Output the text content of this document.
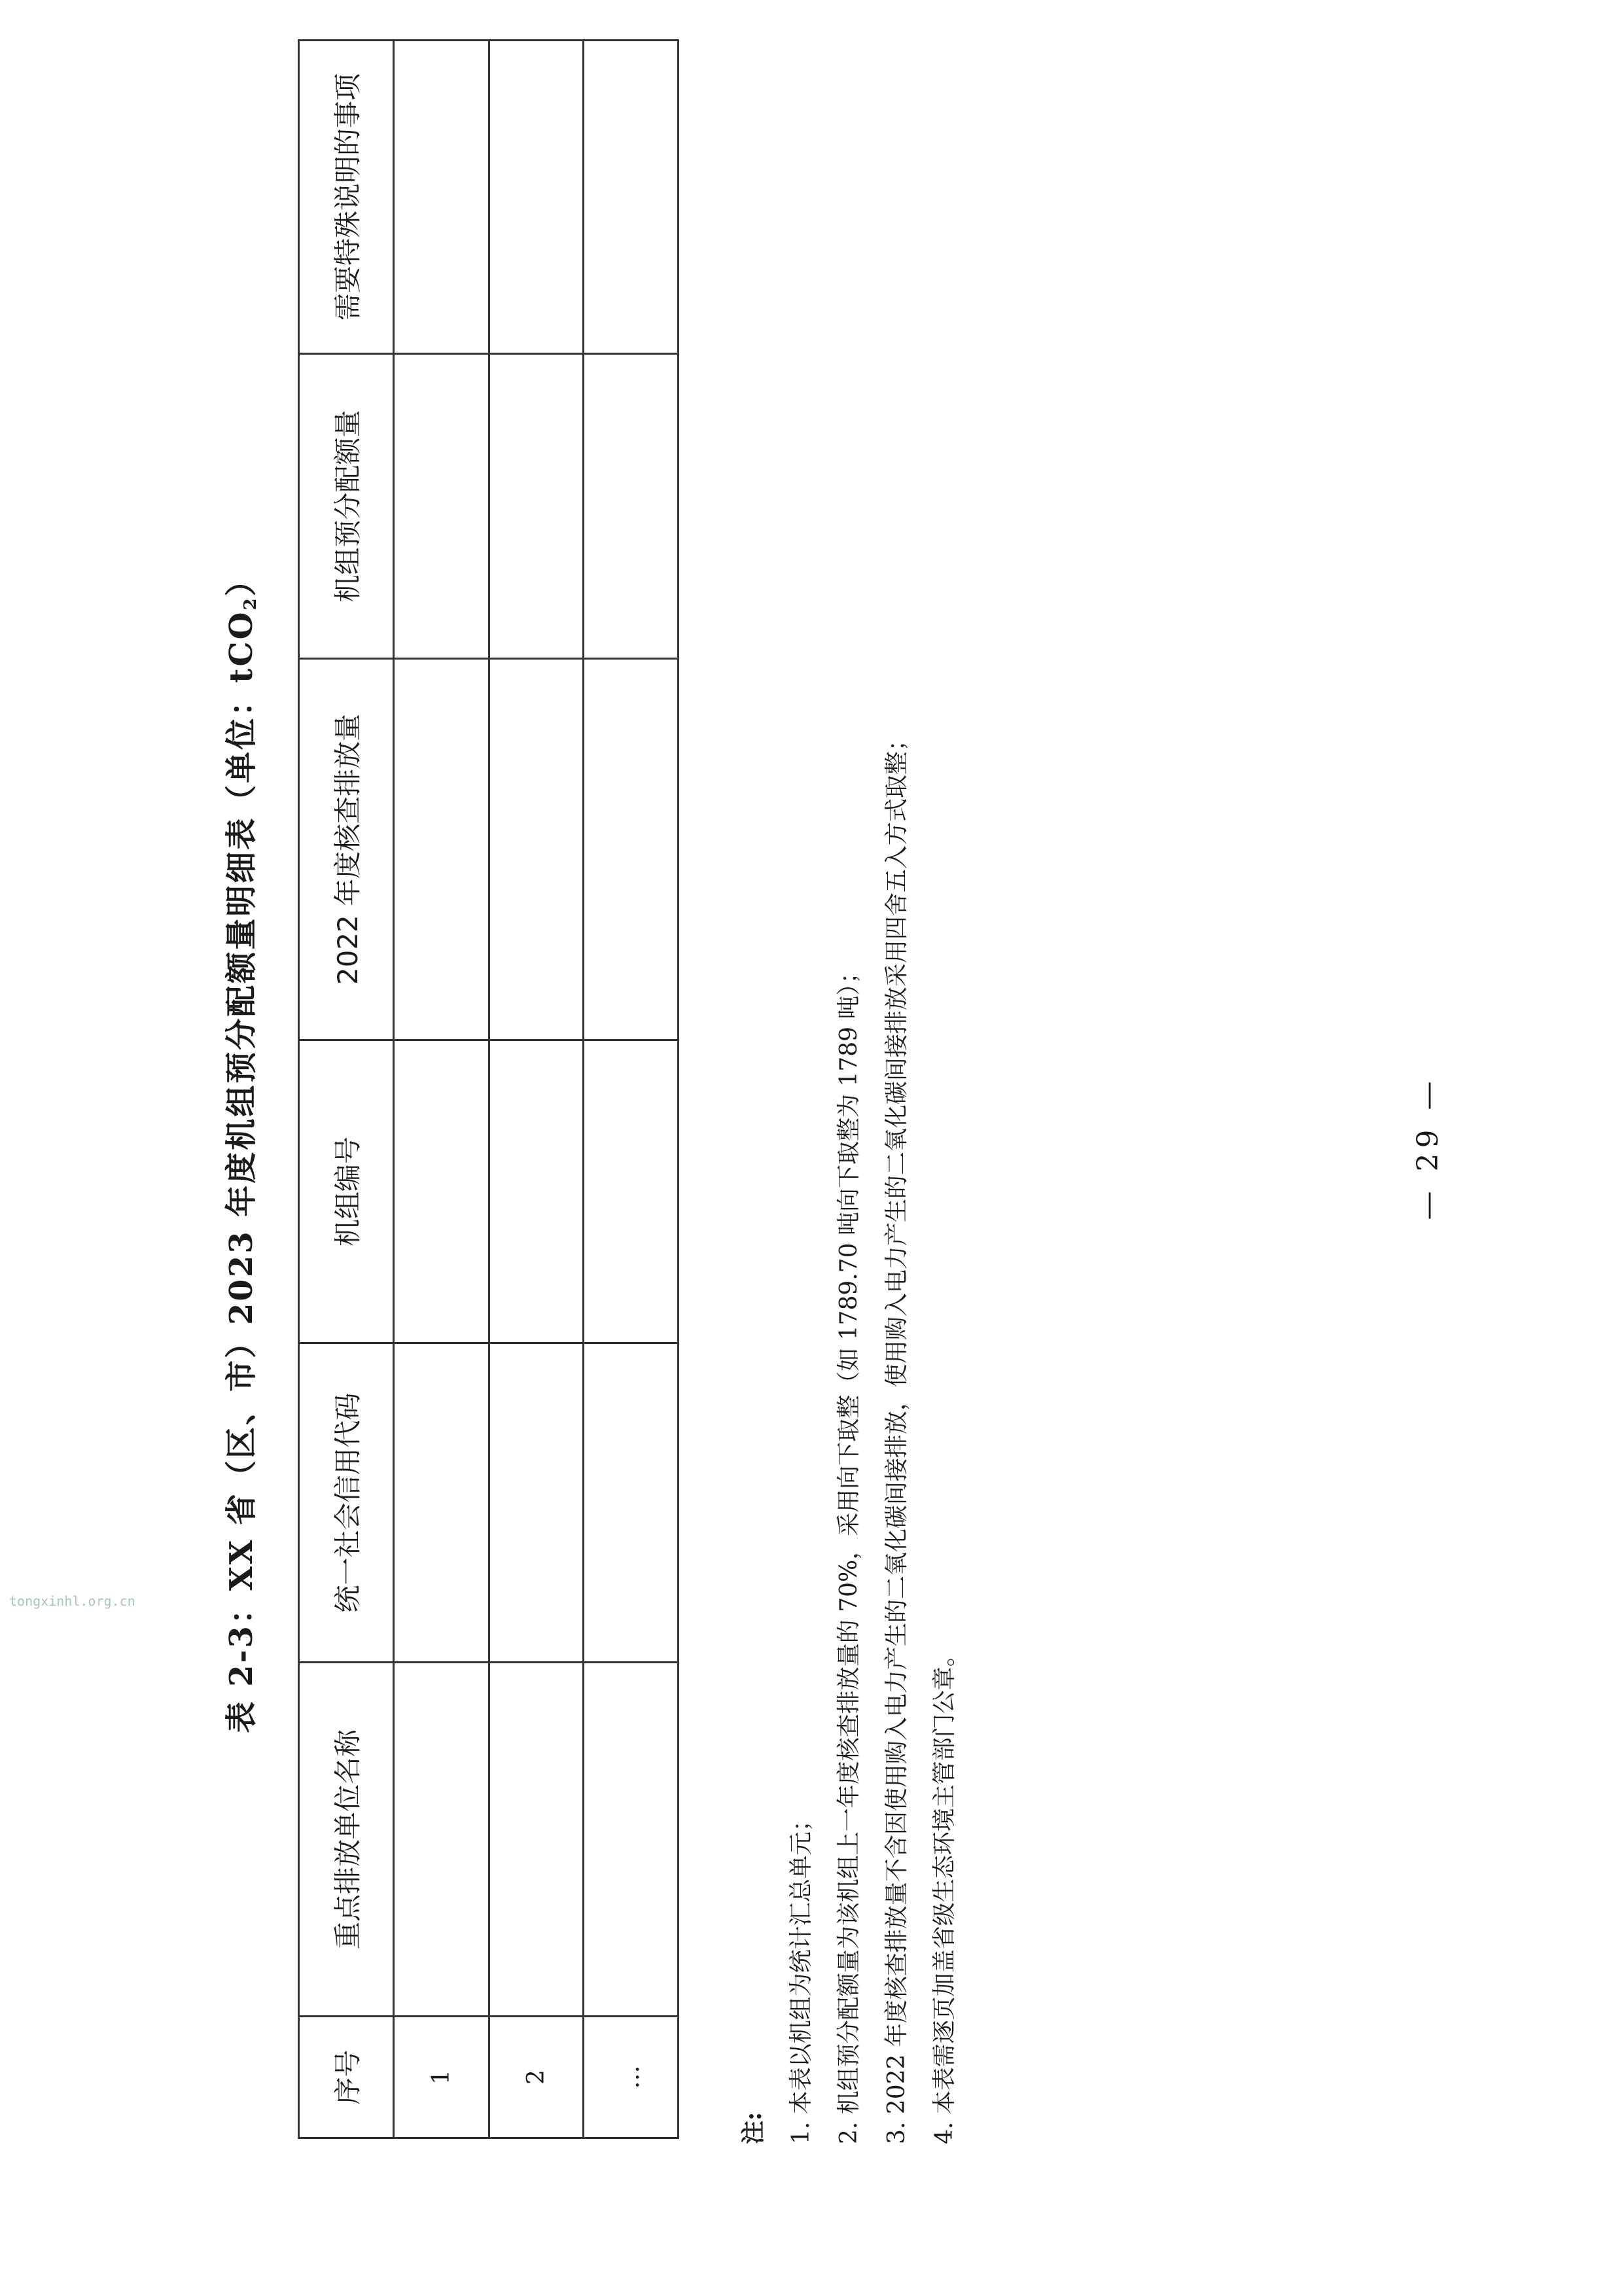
表 2-3：XX 省（区、市）2023 年度机组预分配额量明细表（单位：tCO$_2$）
序号	重点排放单位名称	统一社会信用代码	机组编号	2022 年度核查排放量	机组预分配额量	需要特殊说明的事项
1						
2						
…						
注: 1. 本表以机组为统计汇总单元； 2. 机组预分配额量为该机组上一年度核查排放量的 70%，采用向下取整（如 1789.70 吨向下取整为 1789 吨）； 3. 2022 年度核查排放量不含因使用购入电力产生的二氧化碳间接排放，使用购入电力产生的二氧化碳间接排放采用四舍五入方式取整； 4. 本表需逐页加盖省级生态环境主管部门公章。
— 29 —
tongxinhl.org.cn
